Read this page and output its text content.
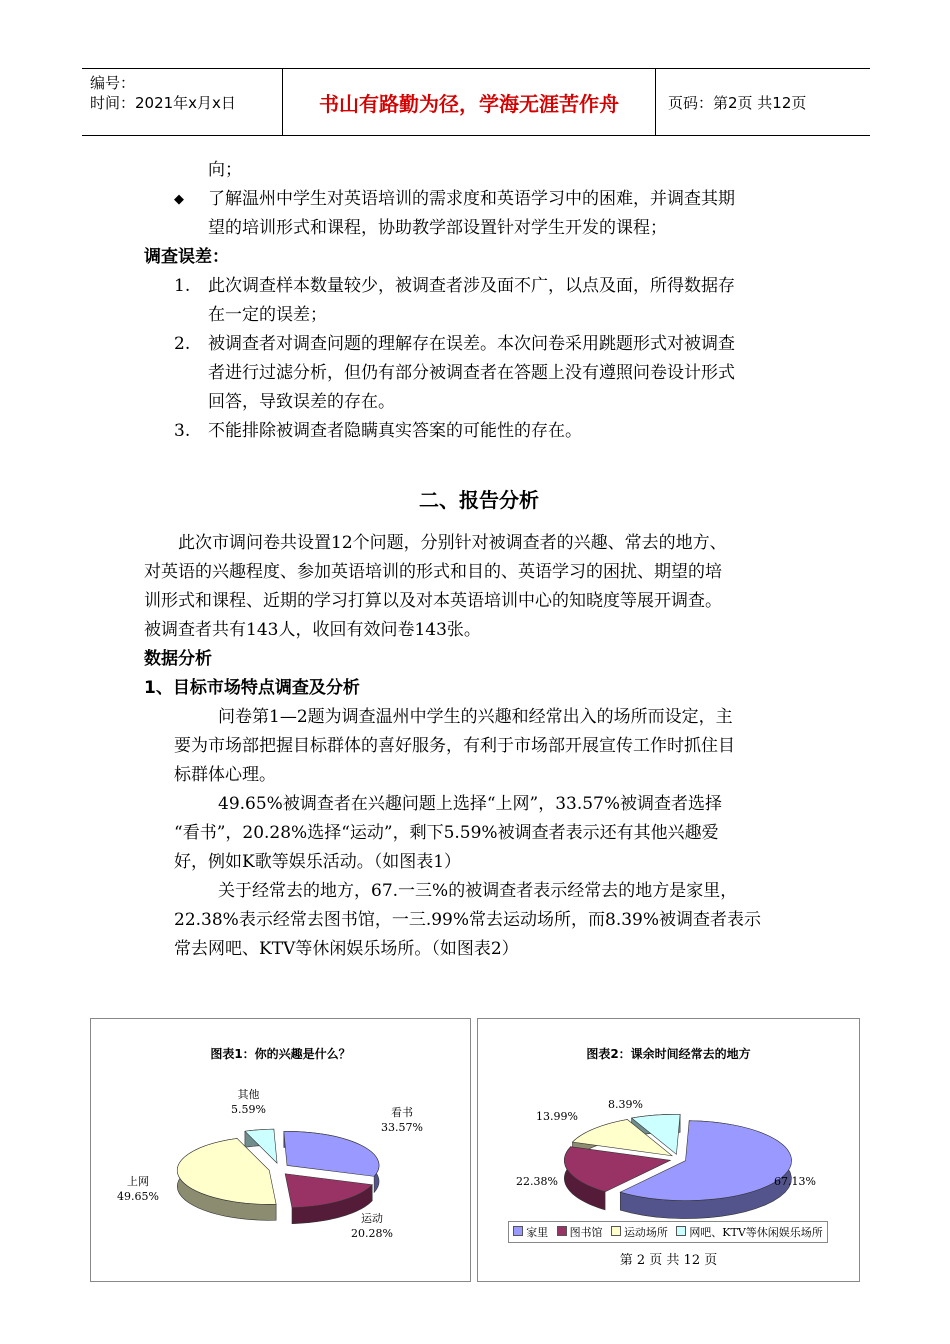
编号：
时间：2021年x月x日	书山有路勤为径，学海无涯苦作舟	页码：第2页 共12页

向；

◆	了解温州中学生对英语培训的需求度和英语学习中的困难，并调查其期
望的培训形式和课程，协助教学部设置针对学生开发的课程；

调查误差：

1.	此次调查样本数量较少，被调查者涉及面不广，以点及面，所得数据存
在一定的误差；
2.	被调查者对调查问题的理解存在误差。本次问卷采用跳题形式对被调查
者进行过滤分析，但仍有部分被调查者在答题上没有遵照问卷设计形式
回答，导致误差的存在。
3.	不能排除被调查者隐瞒真实答案的可能性的存在。
二、报告分析
此次市调问卷共设置12个问题，分别针对被调查者的兴趣、常去的地方、
对英语的兴趣程度、参加英语培训的形式和目的、英语学习的困扰、期望的培
训形式和课程、近期的学习打算以及对本英语培训中心的知晓度等展开调查。
被调查者共有143人，收回有效问卷143张。

数据分析

1、目标市场特点调查及分析

问卷第1—2题为调查温州中学生的兴趣和经常出入的场所而设定，主
要为市场部把握目标群体的喜好服务，有利于市场部开展宣传工作时抓住目
标群体心理。
49.65%被调查者在兴趣问题上选择“上网”，33.57%被调查者选择
“看书”，20.28%选择“运动”，剩下5.59%被调查者表示还有其他兴趣爱
好，例如K歌等娱乐活动。（如图表1）
关于经常去的地方，67.一三%的被调查者表示经常去的地方是家里，
22.38%表示经常去图书馆，一三.99%常去运动场所，而8.39%被调查者表示
常去网吧、KTV等休闲娱乐场所。（如图表2）
图表1：你的兴趣是什么？
看书
33.57%
运动
20.28%
上网
49.65%
其他
5.59%
图表2：课余时间经常去的地方
67.13%
22.38%
13.99%
8.39%
家里	图书馆	运动场所	网吧、KTV等休闲娱乐场所
第 2 页 共 12 页
